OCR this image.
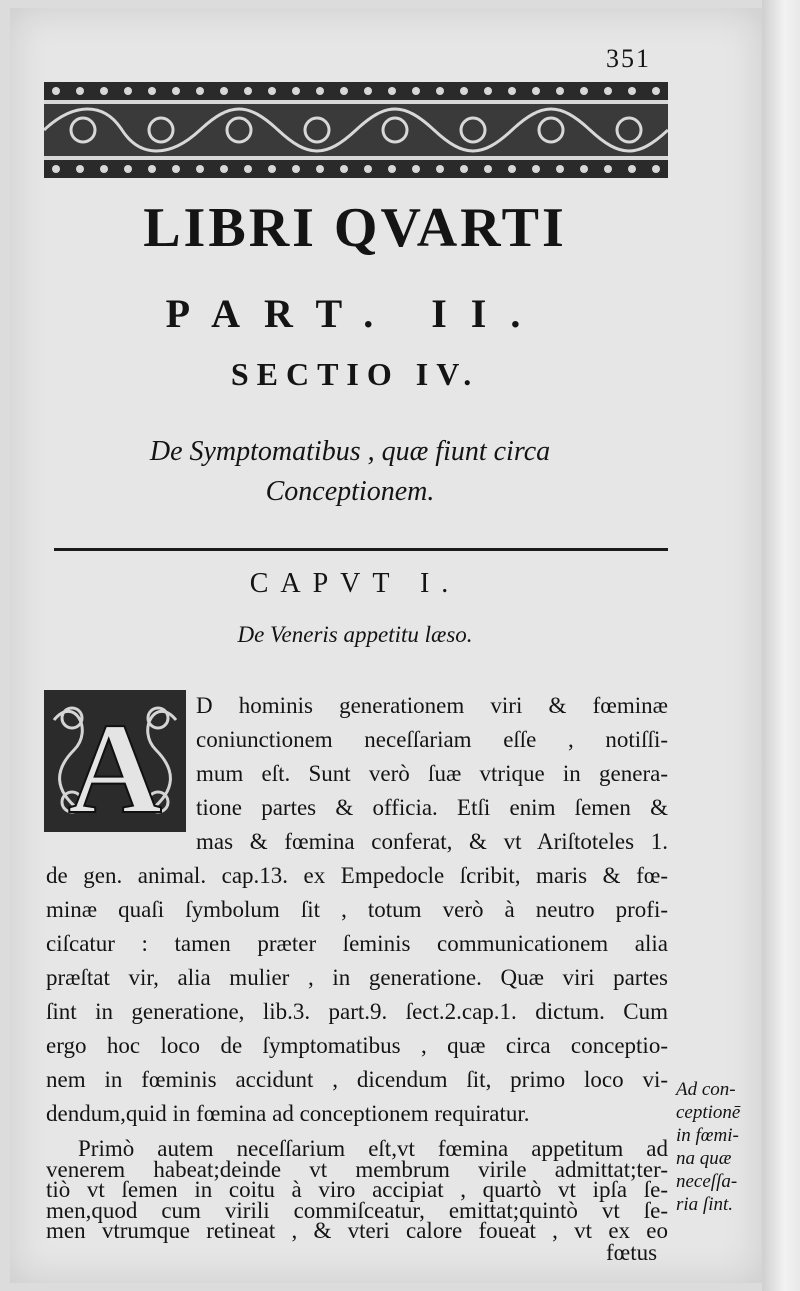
351
LIBRI QVARTI
PART. II.
SECTIO IV.
De Symptomatibus , quæ fiunt circa
Conceptionem.
CAPVT I.
De Veneris appetitu læso.
A D hominis generationem viri & fœminæ
coniunctionem neceſſariam eſſe , notiſſi-
mum eſt. Sunt verò ſuæ vtrique in genera-
tione partes & officia. Etſi enim ſemen &
mas & fœmina conferat, & vt Ariſtoteles 1.
de gen. animal. cap.13. ex Empedocle ſcribit, maris & fœ-
minæ quaſi ſymbolum ſit , totum verò à neutro profi-
ciſcatur : tamen præter ſeminis communicationem alia
præſtat vir, alia mulier , in generatione. Quæ viri partes
ſint in generatione, lib.3. part.9. ſect.2.cap.1. dictum. Cum
ergo hoc loco de ſymptomatibus , quæ circa conceptio-
nem in fœminis accidunt , dicendum ſit, primo loco vi-
dendum,quid in fœmina ad conceptionem requiratur.
Primò autem neceſſarium eſt,vt fœmina appetitum ad
venerem habeat;deinde vt membrum virile admittat;ter-
tiò vt ſemen in coitu à viro accipiat , quartò vt ipſa ſe-
men,quod cum virili commiſceatur, emittat;quintò vt ſe-
men vtrumque retineat , & vteri calore foueat , vt ex eo
Ad con-
ceptionē
in fœmi-
na quæ
neceſſa-
ria ſint.
fœtus
